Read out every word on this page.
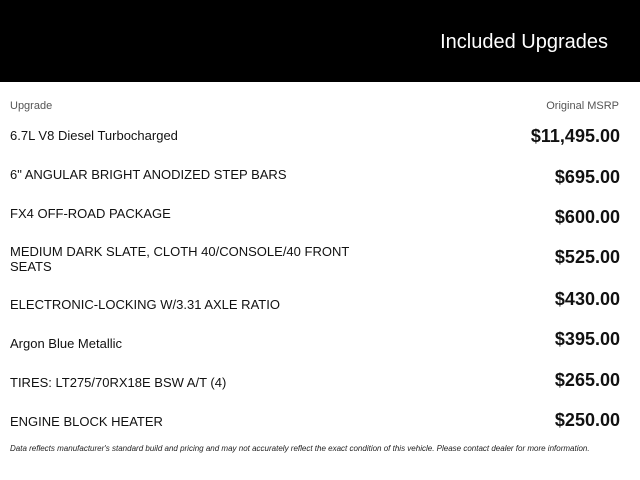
Included Upgrades
Upgrade	Original MSRP
6.7L V8 Diesel Turbocharged	$11,495.00
6" ANGULAR BRIGHT ANODIZED STEP BARS	$695.00
FX4 OFF-ROAD PACKAGE	$600.00
MEDIUM DARK SLATE, CLOTH 40/CONSOLE/40 FRONT SEATS	$525.00
ELECTRONIC-LOCKING W/3.31 AXLE RATIO	$430.00
Argon Blue Metallic	$395.00
TIRES: LT275/70RX18E BSW A/T (4)	$265.00
ENGINE BLOCK HEATER	$250.00
Data reflects manufacturer's standard build and pricing and may not accurately reflect the exact condition of this vehicle. Please contact dealer for more information.
